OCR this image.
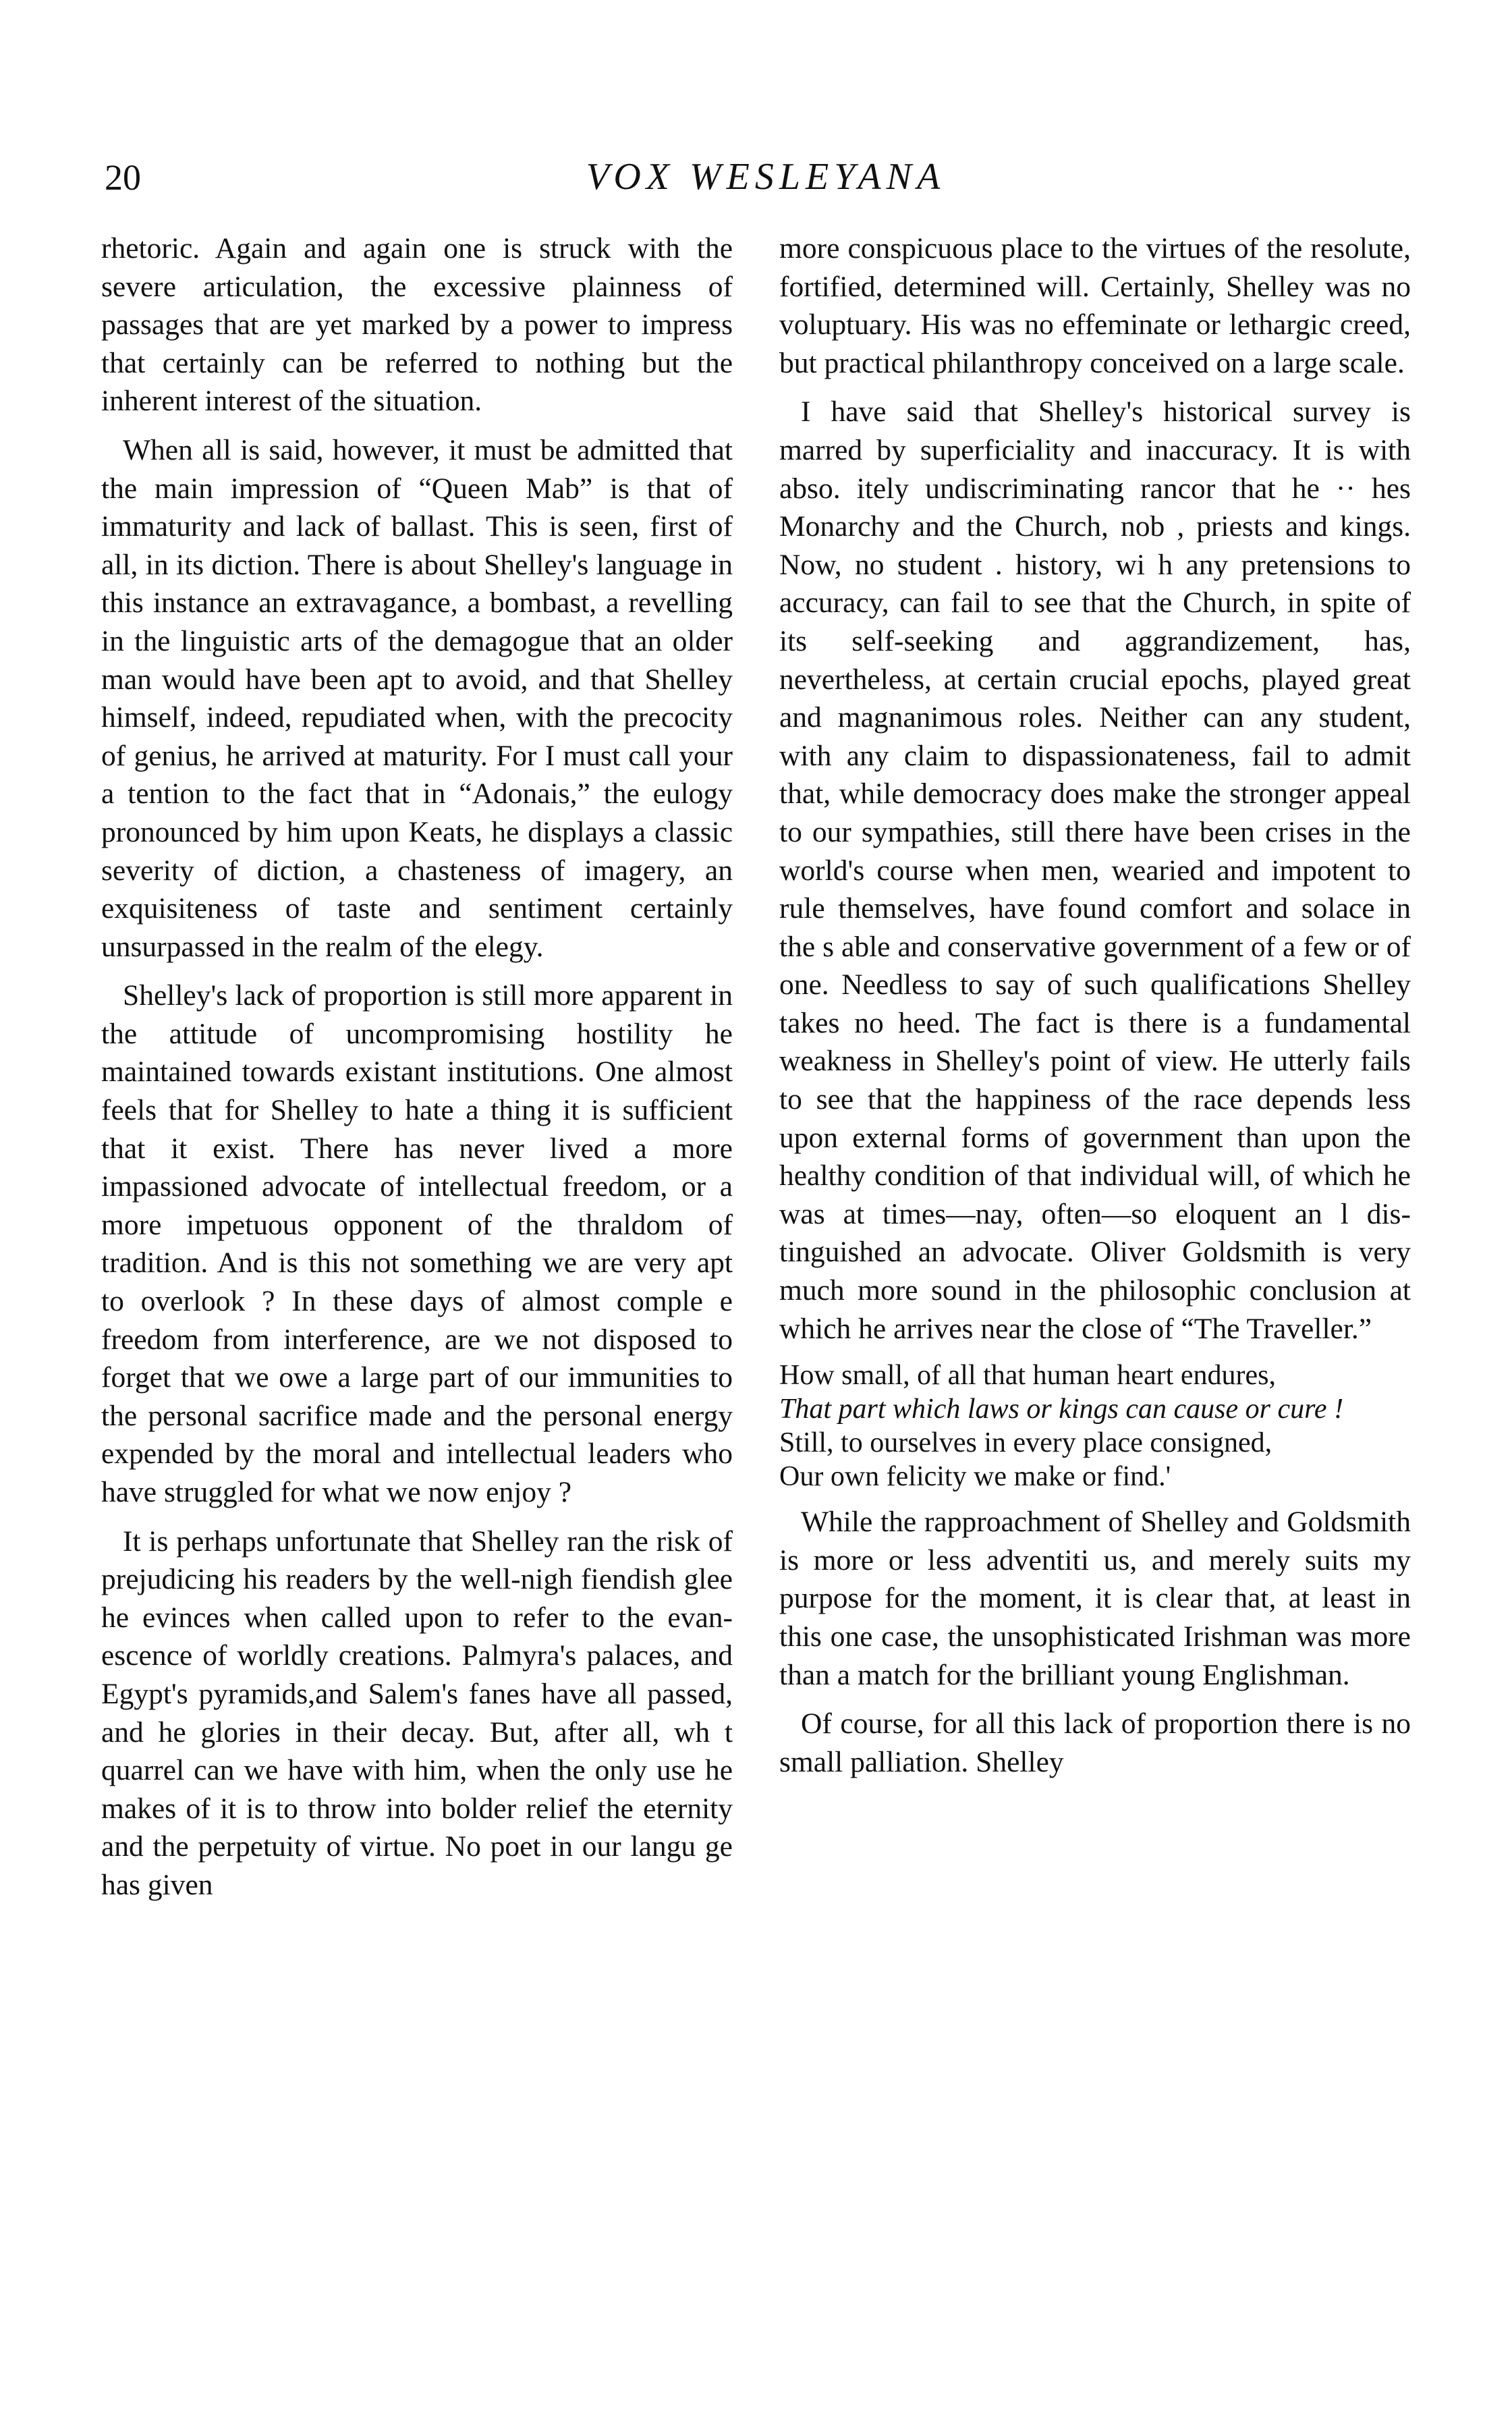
20	VOX WESLEYANA

rhetoric. Again and again one is struck with the severe articulation, the excessive plainness of passages that are yet marked by a power to impress that certainly can be referred to nothing but the inherent interest of the situation.

When all is said, however, it must be admitted that the main impression of “Queen Mab” is that of immaturity and lack of ballast. This is seen, first of all, in its diction. There is about Shelley's language in this instance an extravagance, a bombast, a revelling in the linguistic arts of the demagogue that an older man would have been apt to avoid, and that Shelley himself, indeed, repudiated when, with the precocity of genius, he arrived at maturity. For I must call your a tention to the fact that in “Adonais,” the eulogy pronounced by him upon Keats, he displays a classic severity of diction, a chasteness of imagery, an exquisiteness of taste and sentiment certainly unsurpassed in the realm of the elegy.

Shelley's lack of proportion is still more apparent in the attitude of uncompromising hostility he maintained towards existant institutions. One almost feels that for Shelley to hate a thing it is sufficient that it exist. There has never lived a more impassioned advocate of intellectual freedom, or a more impetuous opponent of the thraldom of tradition. And is this not something we are very apt to overlook ? In these days of almost comple e freedom from interference, are we not disposed to forget that we owe a large part of our immunities to the personal sacrifice made and the personal energy expended by the moral and intellectual leaders who have struggled for what we now enjoy ?

It is perhaps unfortunate that Shelley ran the risk of prejudicing his readers by the well-nigh fiendish glee he evinces when called upon to refer to the evanescence of worldly creations. Palmyra's palaces, and Egypt's pyramids,and Salem's fanes have all passed, and he glories in their decay. But, after all, wh t quarrel can we have with him, when the only use he makes of it is to throw into bolder relief the eternity and the perpetuity of virtue. No poet in our langu ge has given

more conspicuous place to the virtues of the resolute, fortified, determined will. Certainly, Shelley was no voluptuary. His was no effeminate or lethargic creed, but practical philanthropy conceived on a large scale.

I have said that Shelley's historical survey is marred by superficiality and inaccuracy. It is with abso. itely undiscriminating rancor that he ·· hes Monarchy and the Church, nob , priests and kings. Now, no student . history, wi h any pretensions to accuracy, can fail to see that the Church, in spite of its self-seeking and aggrandizement, has, nevertheless, at certain crucial epochs, played great and magnanimous roles. Neither can any student, with any claim to dispassionateness, fail to admit that, while democracy does make the stronger appeal to our sympathies, still there have been crises in the world's course when men, wearied and impotent to rule themselves, have found comfort and solace in the s able and conservative government of a few or of one. Needless to say of such qualifications Shelley takes no heed. The fact is there is a fundamental weakness in Shelley's point of view. He utterly fails to see that the happiness of the race depends less upon external forms of government than upon the healthy condition of that individual will, of which he was at times—nay, often—so eloquent an l distinguished an advocate. Oliver Goldsmith is very much more sound in the philosophic conclusion at which he arrives near the close of “The Traveller.”

How small, of all that human heart endures,
That part which laws or kings can cause or cure !
Still, to ourselves in every place consigned,
Our own felicity we make or find.'

While the rapproachment of Shelley and Goldsmith is more or less adventiti us, and merely suits my purpose for the moment, it is clear that, at least in this one case, the unsophisticated Irishman was more than a match for the brilliant young Englishman.

Of course, for all this lack of proportion there is no small palliation. Shelley
